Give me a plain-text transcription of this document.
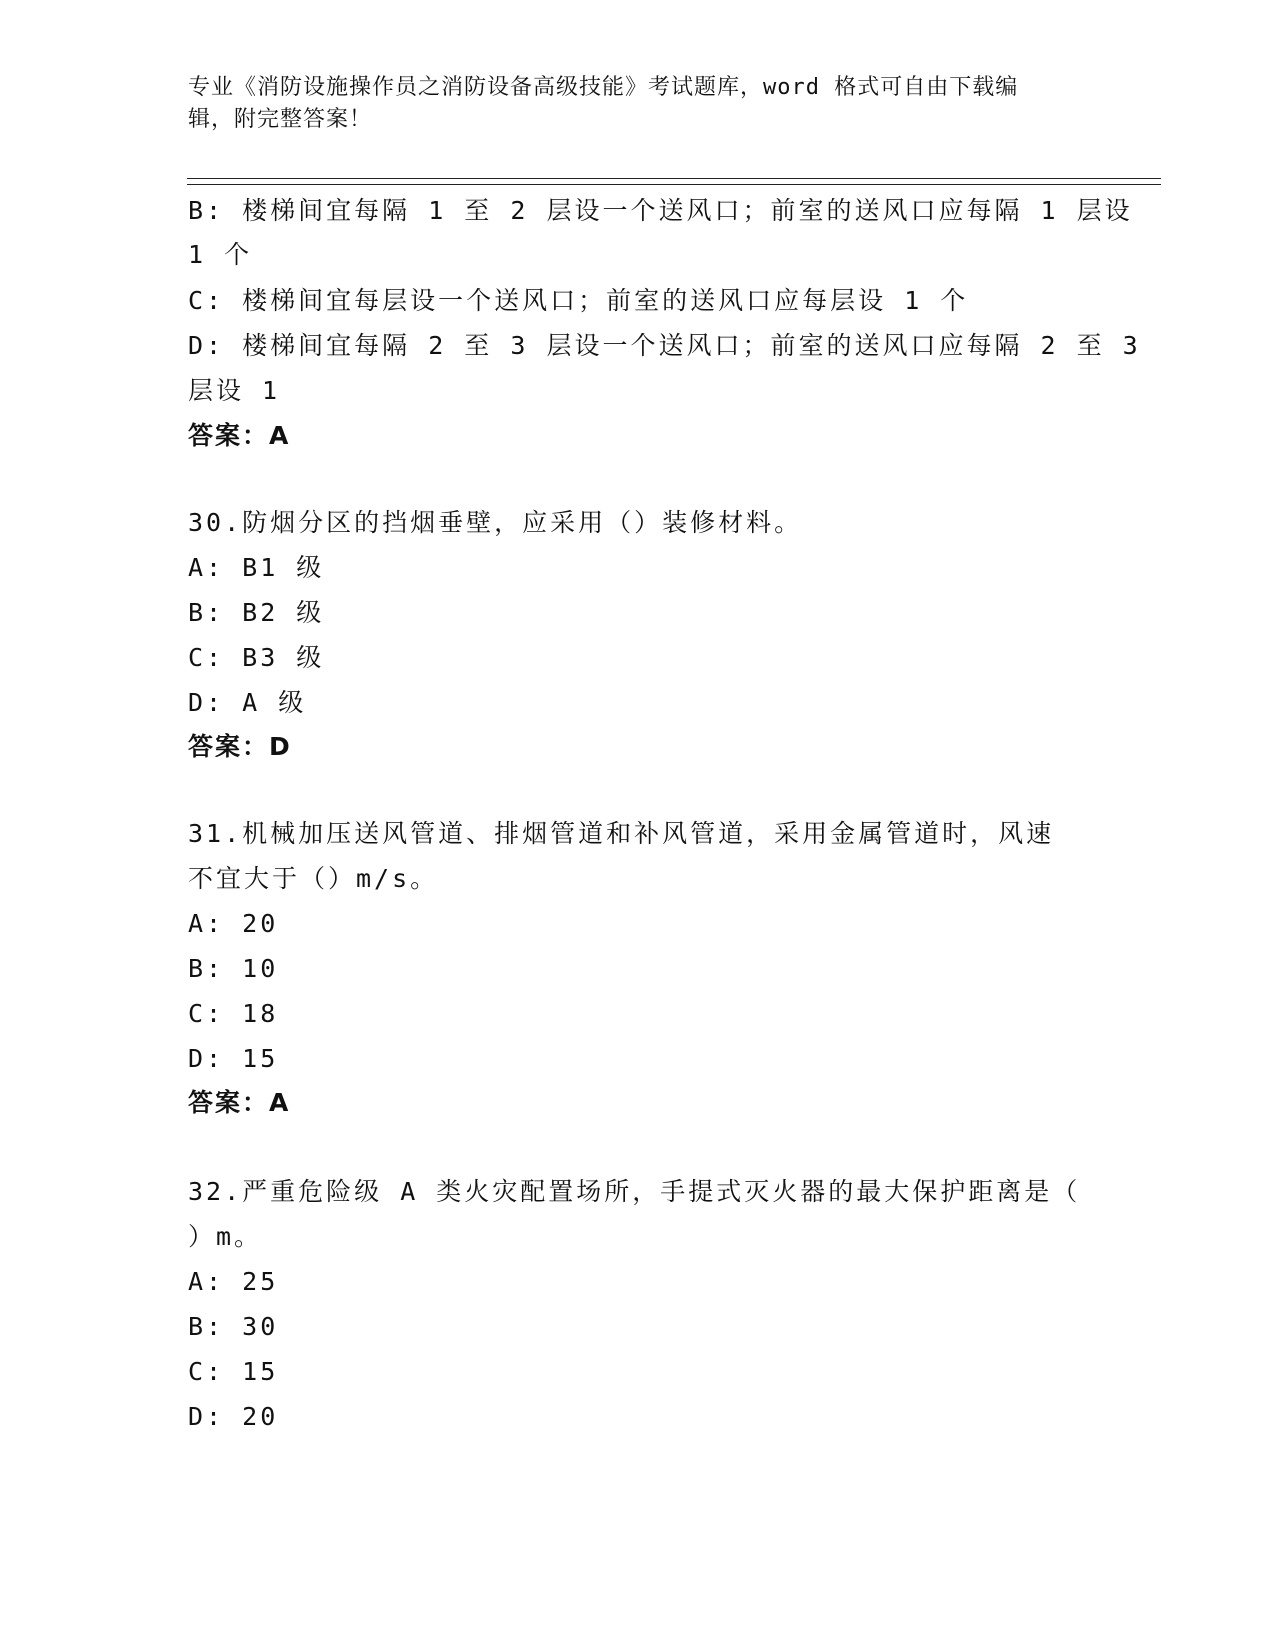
专业《消防设施操作员之消防设备高级技能》考试题库，word 格式可自由下载编
辑，附完整答案！
B: 楼梯间宜每隔 1 至 2 层设一个送风口；前室的送风口应每隔 1 层设
1 个
C: 楼梯间宜每层设一个送风口；前室的送风口应每层设 1 个
D: 楼梯间宜每隔 2 至 3 层设一个送风口；前室的送风口应每隔 2 至 3
层设 1
答案：A
30.防烟分区的挡烟垂壁，应采用（）装修材料。
A: B1 级
B: B2 级
C: B3 级
D: A 级
答案：D
31.机械加压送风管道、排烟管道和补风管道，采用金属管道时，风速
不宜大于（）m/s。
A: 20
B: 10
C: 18
D: 15
答案：A
32.严重危险级 A 类火灾配置场所，手提式灭火器的最大保护距离是（
）m。
A: 25
B: 30
C: 15
D: 20
